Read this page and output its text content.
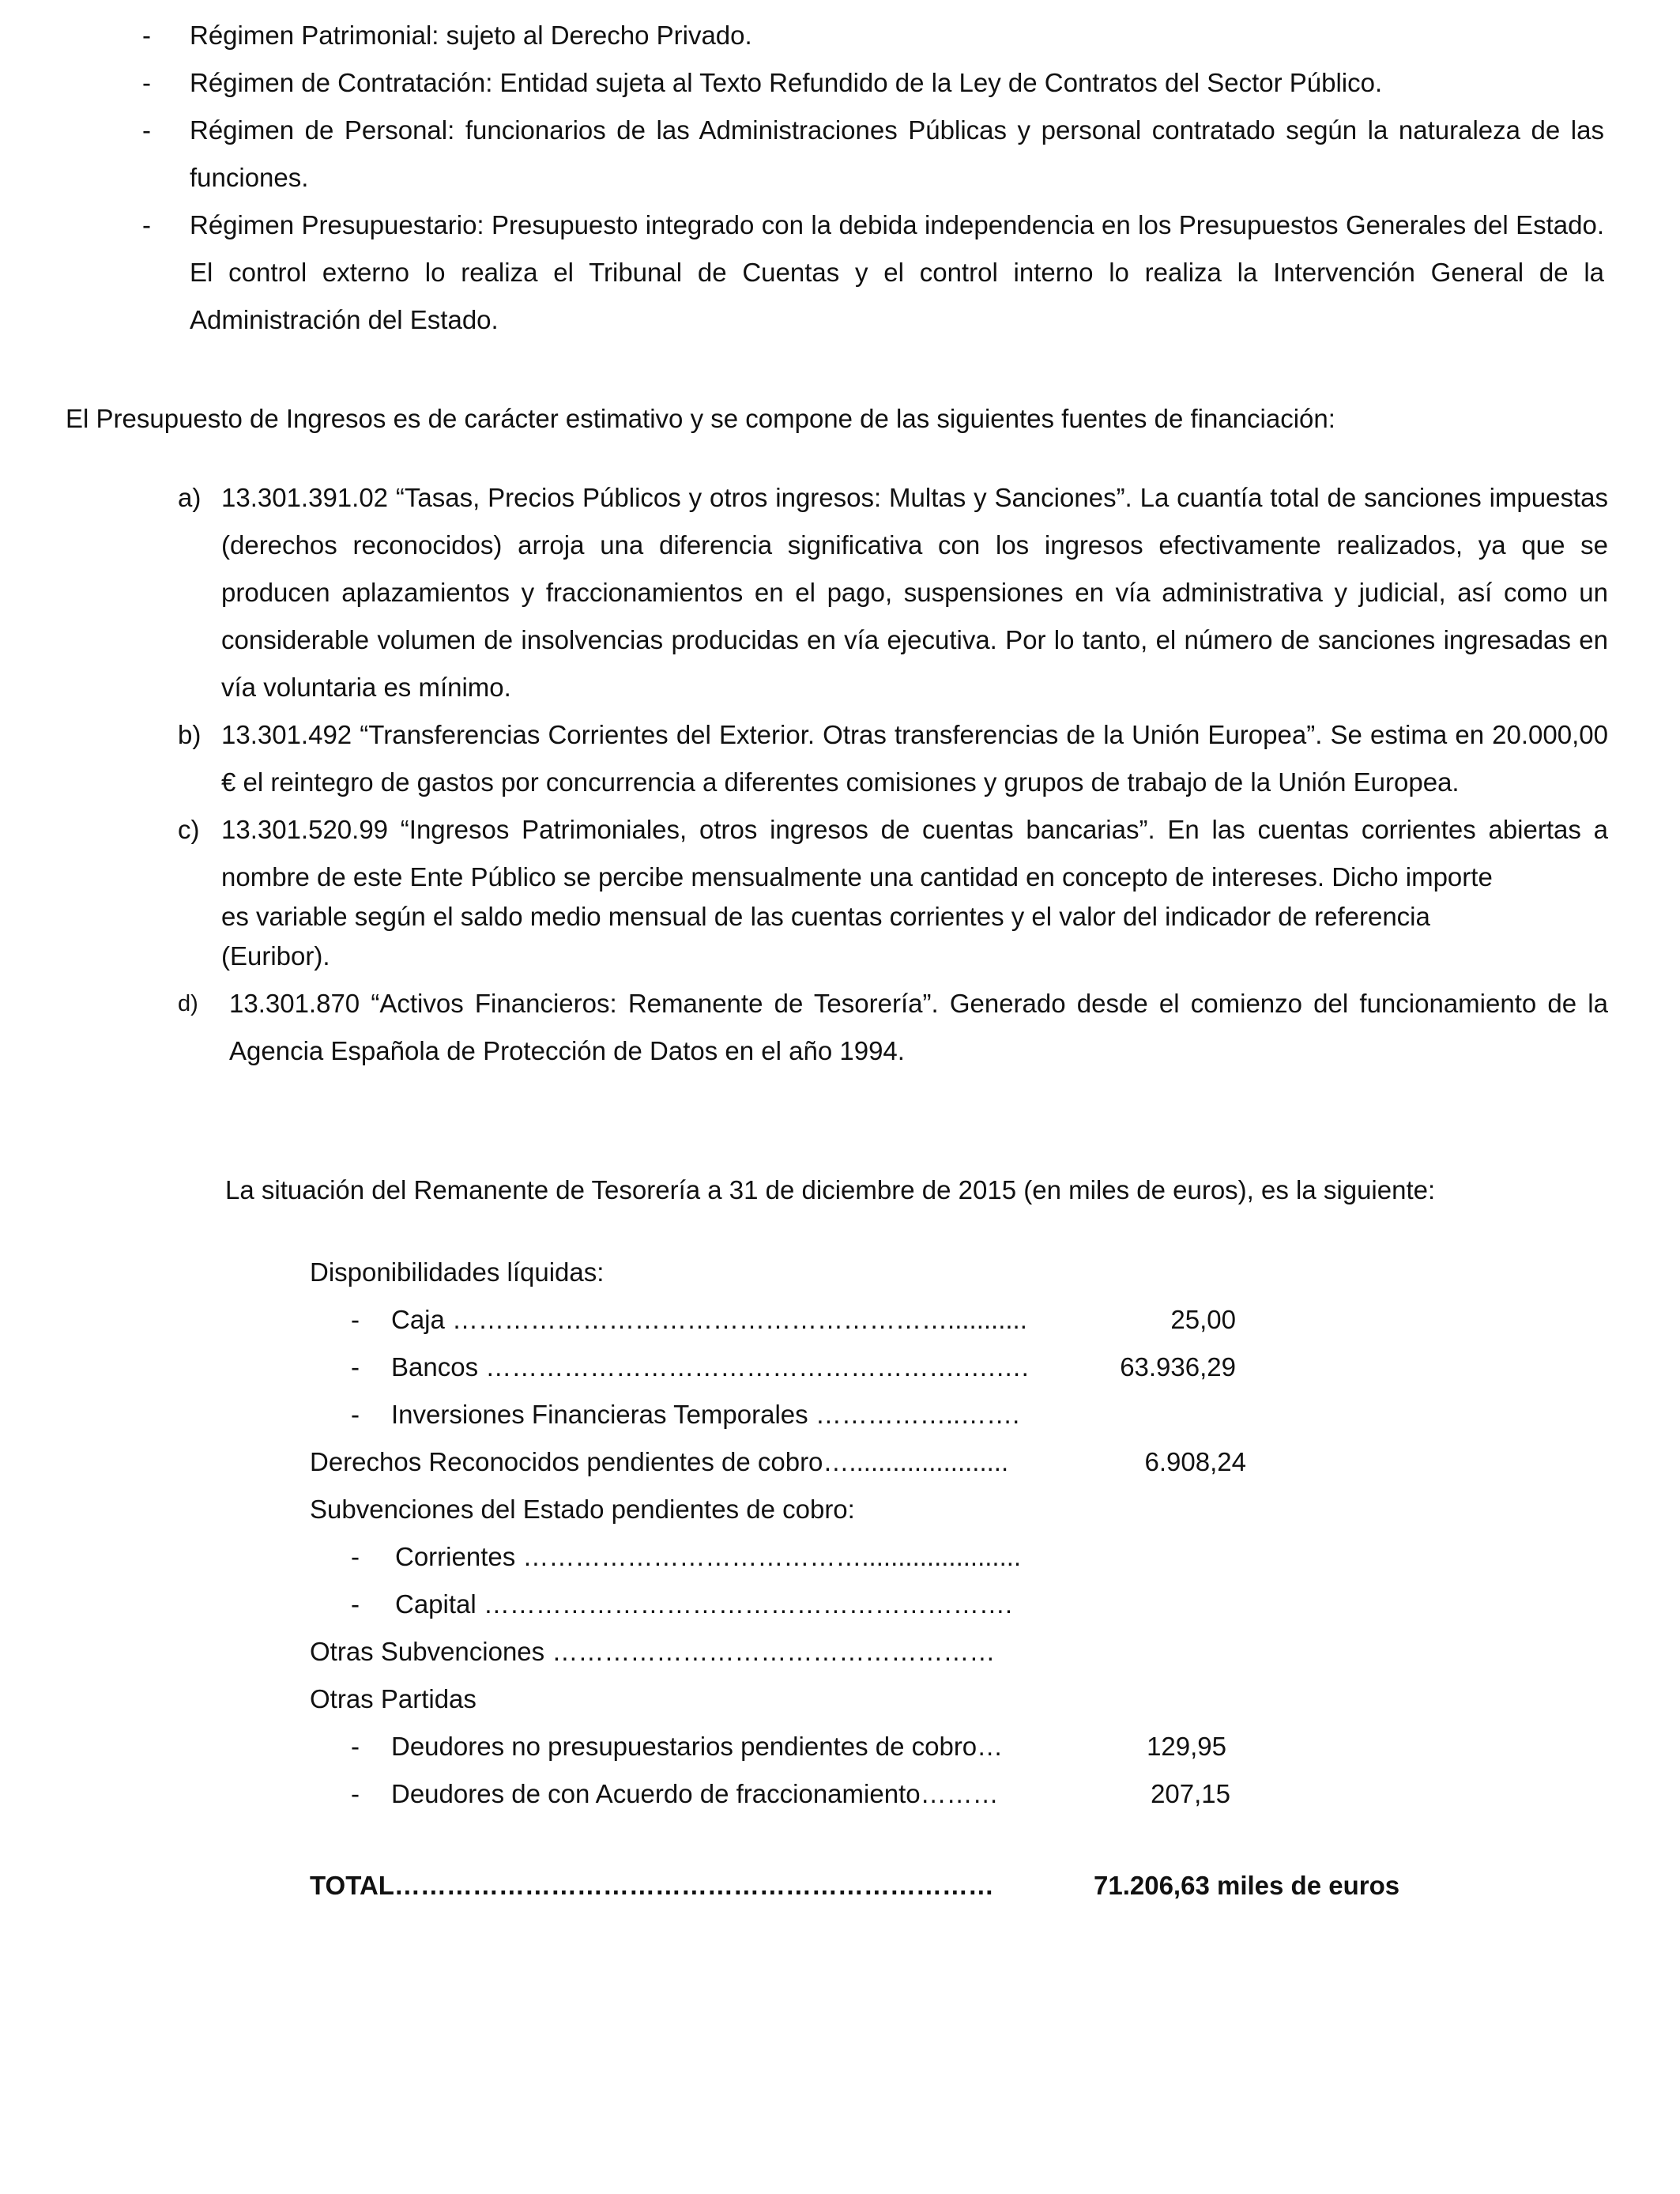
- Régimen Patrimonial: sujeto al Derecho Privado.
- Régimen de Contratación: Entidad sujeta al Texto Refundido de la Ley de Contratos del Sector Público.
- Régimen de Personal: funcionarios de las Administraciones Públicas y personal contratado según la naturaleza de las funciones.
- Régimen Presupuestario: Presupuesto integrado con la debida independencia en los Presupuestos Generales del Estado. El control externo lo realiza el Tribunal de Cuentas y el control interno lo realiza la Intervención General de la Administración del Estado.

El Presupuesto de Ingresos es de carácter estimativo y se compone de las siguientes fuentes de financiación:

a) 13.301.391.02 “Tasas, Precios Públicos y otros ingresos: Multas y Sanciones”. La cuantía total de sanciones impuestas (derechos reconocidos) arroja una diferencia significativa con los ingresos efectivamente realizados, ya que se producen aplazamientos y fraccionamientos en el pago, suspensiones en vía administrativa y judicial, así como un considerable volumen de insolvencias producidas en vía ejecutiva. Por lo tanto, el número de sanciones ingresadas en vía voluntaria es mínimo.
b) 13.301.492 “Transferencias Corrientes del Exterior. Otras transferencias de la Unión Europea”. Se estima en 20.000,00 € el reintegro de gastos por concurrencia a diferentes comisiones y grupos de trabajo de la Unión Europea.
c) 13.301.520.99 “Ingresos Patrimoniales, otros ingresos de cuentas bancarias”. En las cuentas corrientes abiertas a nombre de este Ente Público se percibe mensualmente una cantidad en concepto de intereses. Dicho importe
es variable según el saldo medio mensual de las cuentas corrientes y el valor del indicador de referencia
(Euribor).
d) 13.301.870 “Activos Financieros: Remanente de Tesorería”. Generado desde el comienzo del funcionamiento de la Agencia Española de Protección de Datos en el año 1994.

La situación del Remanente de Tesorería a 31 de diciembre de 2015 (en miles de euros), es la siguiente:

Disponibilidades líquidas:
- Caja …………………………………………………...........	25,00
- Bancos ……………………………………………….….….	63.936,29
- Inversiones Financieras Temporales ……………..…….
Derechos Reconocidos pendientes de cobro…......................	6.908,24
Subvenciones del Estado pendientes de cobro:
- Corrientes …………………………………......................
- Capital …………………………………………………….
Otras Subvenciones ……………………………………………
Otras Partidas
- Deudores no presupuestarios pendientes de cobro…	129,95
- Deudores de con Acuerdo de fraccionamiento………	207,15
TOTAL……………………………………………………………	71.206,63 miles de euros
